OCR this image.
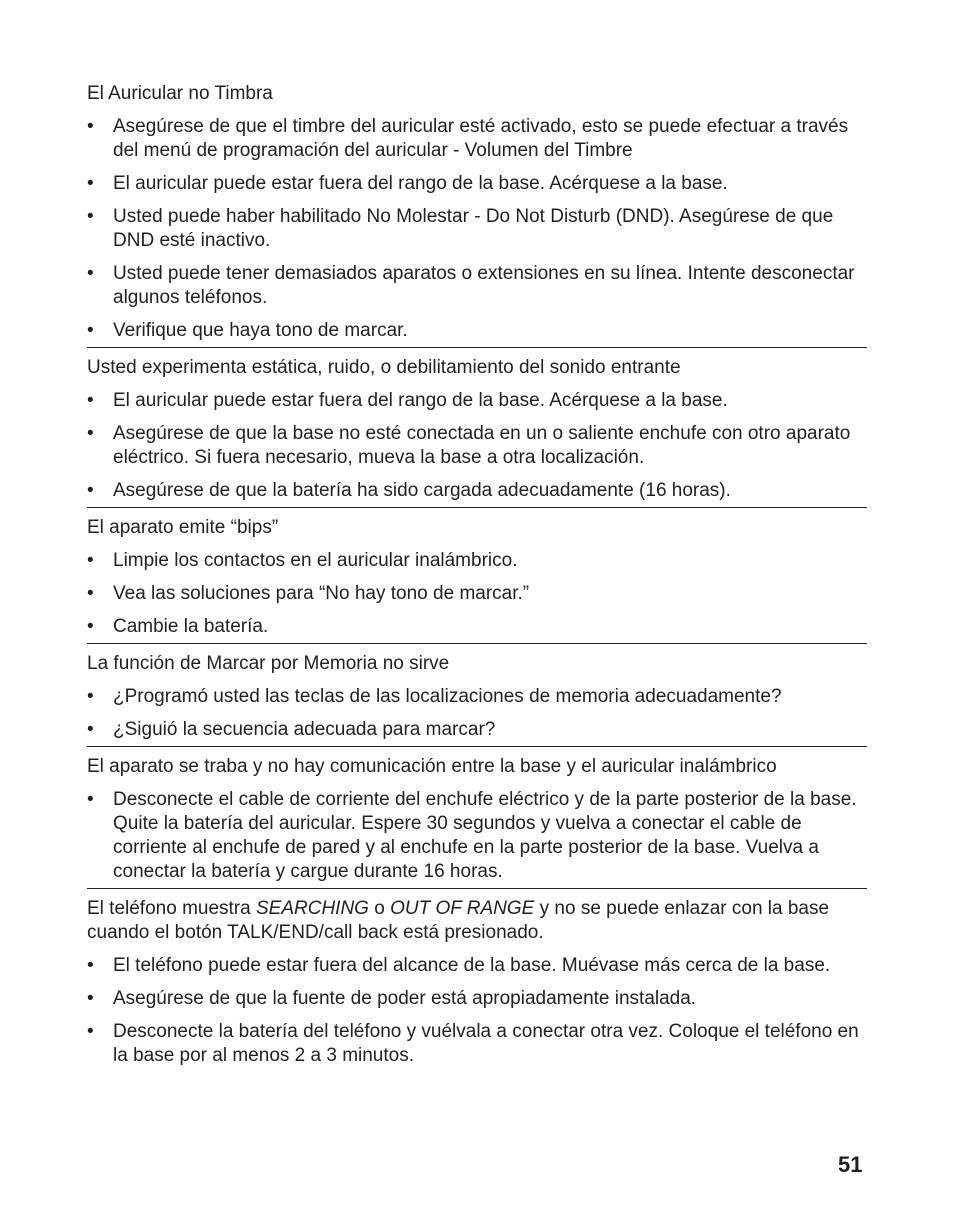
El Auricular no Timbra
•	Asegúrese de que el timbre del auricular esté activado, esto se puede efectuar a través del menú de programación del auricular - Volumen del Timbre
•	El auricular puede estar fuera del rango de la base. Acérquese a la base.
•	Usted puede haber habilitado No Molestar - Do Not Disturb (DND). Asegúrese de que DND esté inactivo.
•	Usted puede tener demasiados aparatos o extensiones en su línea. Intente desconectar algunos teléfonos.
•	Verifique que haya tono de marcar.
Usted experimenta estática, ruido, o debilitamiento del sonido entrante
•	El auricular puede estar fuera del rango de la base. Acérquese a la base.
•	Asegúrese de que la base no esté conectada en un o saliente enchufe con otro aparato eléctrico. Si fuera necesario, mueva la base a otra localización.
•	Asegúrese de que la batería ha sido cargada adecuadamente (16 horas).
El aparato emite “bips”
•	Limpie los contactos en el auricular inalámbrico.
•	Vea las soluciones para “No hay tono de marcar.”
•	Cambie la batería.
La función de Marcar por Memoria no sirve
•	¿Programó usted las teclas de las localizaciones de memoria adecuadamente?
•	¿Siguió la secuencia adecuada para marcar?
El aparato se traba y no hay comunicación entre la base y el auricular inalámbrico
•	Desconecte el cable de corriente del enchufe eléctrico y de la parte posterior de la base. Quite la batería del auricular. Espere 30 segundos y vuelva a conectar el cable de corriente al enchufe de pared y al enchufe en la parte posterior de la base. Vuelva a conectar la batería y cargue durante 16 horas.
El teléfono muestra SEARCHING o OUT OF RANGE y no se puede enlazar con la base cuando el botón TALK/END/call back está presionado.
•	El teléfono puede estar fuera del alcance de la base. Muévase más cerca de la base.
•	Asegúrese de que la fuente de poder está apropiadamente instalada.
•	Desconecte la batería del teléfono y vuélvala a conectar otra vez. Coloque el teléfono en la base por al menos 2 a 3 minutos.
51
